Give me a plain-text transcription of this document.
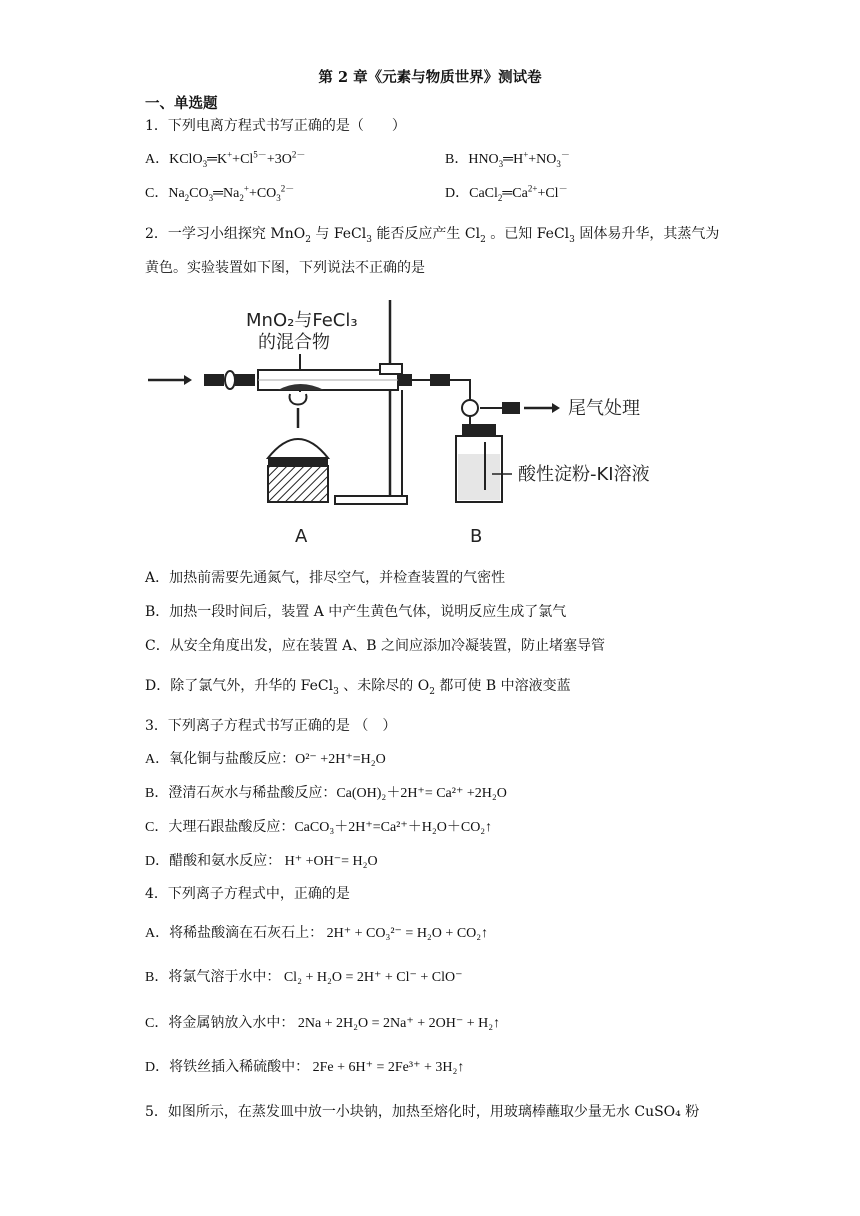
第 2 章《元素与物质世界》测试卷
一、单选题
1．下列电离方程式书写正确的是（　　）
A．$KClO_3═K^++Cl^{5-}+3O^{2-}$	B．$HNO_3═H^++NO_3^-$
C．$Na_2CO_3═Na_2^++CO_3^{2-}$	D．$CaCl_2═Ca^{2+}+Cl^-$
2．一学习小组探究 MnO$_2$ 与 FeCl$_3$ 能否反应产生 $Cl_2$ 。已知 FeCl$_3$ 固体易升华，其蒸气为
黄色。实验装置如下图，下列说法不正确的是
MnO₂与FeCl₃
的混合物
尾气处理
酸性淀粉-KI溶液
A	B
A．加热前需要先通氮气，排尽空气，并检查装置的气密性
B．加热一段时间后，装置 A 中产生黄色气体，说明反应生成了氯气
C．从安全角度出发，应在装置 A、B 之间应添加冷凝装置，防止堵塞导管
D．除了氯气外，升华的 FeCl$_3$ 、未除尽的 $O_2$ 都可使 B 中溶液变蓝
3．下列离子方程式书写正确的是 （　）
A．氧化铜与盐酸反应：O²⁻ +2H⁺=H₂O
B．澄清石灰水与稀盐酸反应：Ca(OH)₂＋2H⁺= Ca²⁺ +2H₂O
C．大理石跟盐酸反应：CaCO₃＋2H⁺=Ca²⁺＋H₂O＋CO₂↑
D．醋酸和氨水反应： H⁺ +OH⁻= H₂O
4．下列离子方程式中，正确的是
A．将稀盐酸滴在石灰石上： 2H⁺ + CO₃²⁻ = H₂O + CO₂↑
B．将氯气溶于水中： Cl₂ + H₂O = 2H⁺ + Cl⁻ + ClO⁻
C．将金属钠放入水中： 2Na + 2H₂O = 2Na⁺ + 2OH⁻ + H₂↑
D．将铁丝插入稀硫酸中： 2Fe + 6H⁺ = 2Fe³⁺ + 3H₂↑
5．如图所示，在蒸发皿中放一小块钠，加热至熔化时，用玻璃棒蘸取少量无水 CuSO₄ 粉
